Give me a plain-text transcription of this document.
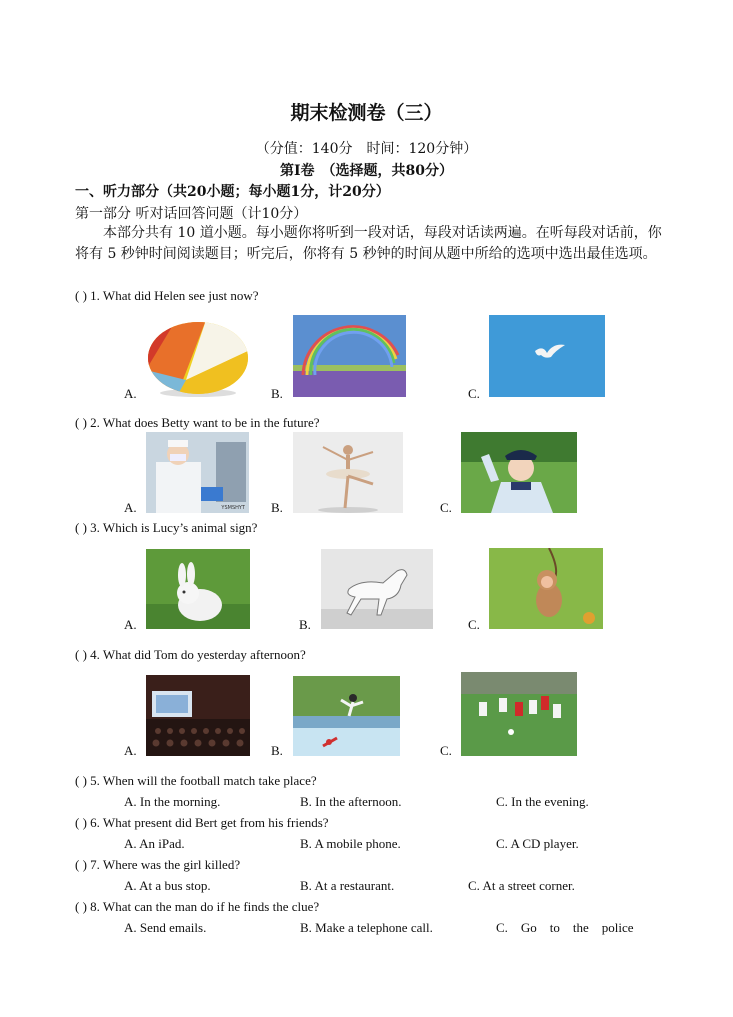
期末检测卷（三）
（分值：140分　时间：120分钟）
第Ⅰ卷　（选择题，共80分）
一、听力部分（共20小题；每小题1分，计20分）
第一部分 听对话回答问题（计10分）
本部分共有 10 道小题。每小题你将听到一段对话，每段对话读两遍。在听每段对话前，你将有 5 秒钟时间阅读题目；听完后，你将有 5 秒钟的时间从题中所给的选项中选出最佳选项。
( ) 1. What did Helen see just now?
A.	B.	C.
( ) 2. What does Betty want to be in the future?
YSMSHYT
A.	B.	C.
( ) 3. Which is Lucy’s animal sign?
A.	B.	C.
( ) 4. What did Tom do yesterday afternoon?
A.	B.	C.
( ) 5. When will the football match take place?
A. In the morning.	B. In the afternoon.	C. In the evening.
( ) 6. What present did Bert get from his friends?
A. An iPad.	B. A mobile phone.	C. A CD player.
( ) 7. Where was the girl killed?
A. At a bus stop.	B. At a restaurant.	C. At a street corner.
( ) 8. What can the man do if he finds the clue?
A. Send emails.	B. Make a telephone call.	C.    Go    to    the    police
